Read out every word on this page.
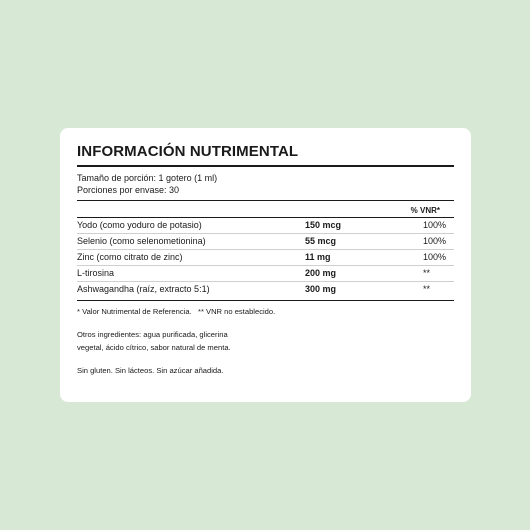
INFORMACIÓN NUTRIMENTAL
Tamaño de porción: 1 gotero (1 ml)
Porciones por envase: 30
% VNR*
Yodo (como yoduro de potasio)	150 mcg	100%
Selenio (como selenometionina)	55 mcg	100%
Zinc (como citrato de zinc)	11 mg	100%
L-tirosina	200 mg	**
Ashwagandha (raíz, extracto 5:1)	300 mg	**
* Valor Nutrimental de Referencia.   ** VNR no establecido.
Otros ingredientes: agua purificada, glicerina
vegetal, ácido cítrico, sabor natural de menta.
Sin gluten. Sin lácteos. Sin azúcar añadida.
